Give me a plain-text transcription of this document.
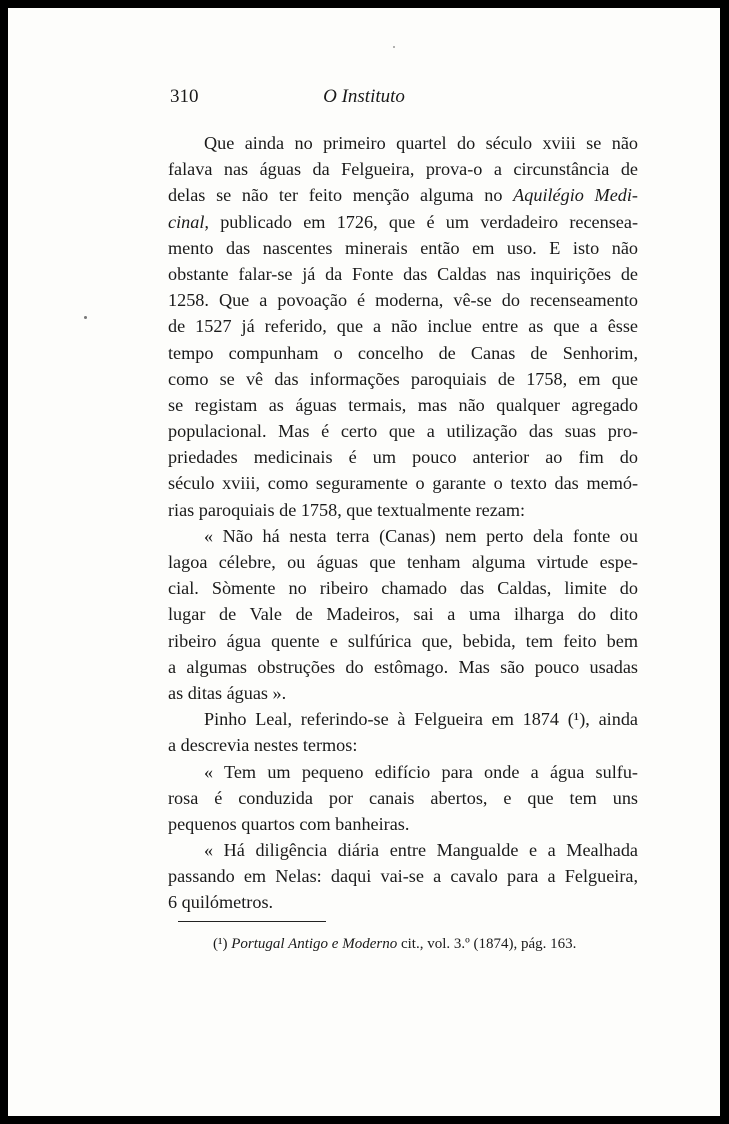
310	O Instituto
Que ainda no primeiro quartel do século xviii se não
falava nas águas da Felgueira, prova-o a circunstância de
delas se não ter feito menção alguma no Aquilégio Medi-
cinal, publicado em 1726, que é um verdadeiro recensea-
mento das nascentes minerais então em uso. E isto não
obstante falar-se já da Fonte das Caldas nas inquirições de
1258. Que a povoação é moderna, vê-se do recenseamento
de 1527 já referido, que a não inclue entre as que a êsse
tempo compunham o concelho de Canas de Senhorim,
como se vê das informações paroquiais de 1758, em que
se registam as águas termais, mas não qualquer agregado
populacional. Mas é certo que a utilização das suas pro-
priedades medicinais é um pouco anterior ao fim do
século xviii, como seguramente o garante o texto das memó-
rias paroquiais de 1758, que textualmente rezam:
« Não há nesta terra (Canas) nem perto dela fonte ou
lagoa célebre, ou águas que tenham alguma virtude espe-
cial. Sòmente no ribeiro chamado das Caldas, limite do
lugar de Vale de Madeiros, sai a uma ilharga do dito
ribeiro água quente e sulfúrica que, bebida, tem feito bem
a algumas obstruções do estômago. Mas são pouco usadas
as ditas águas ».
Pinho Leal, referindo-se à Felgueira em 1874 (¹), ainda
a descrevia nestes termos:
« Tem um pequeno edifício para onde a água sulfu-
rosa é conduzida por canais abertos, e que tem uns
pequenos quartos com banheiras.
« Há diligência diária entre Mangualde e a Mealhada
passando em Nelas: daqui vai-se a cavalo para a Felgueira,
6 quilómetros.
(¹) Portugal Antigo e Moderno cit., vol. 3.º (1874), pág. 163.
